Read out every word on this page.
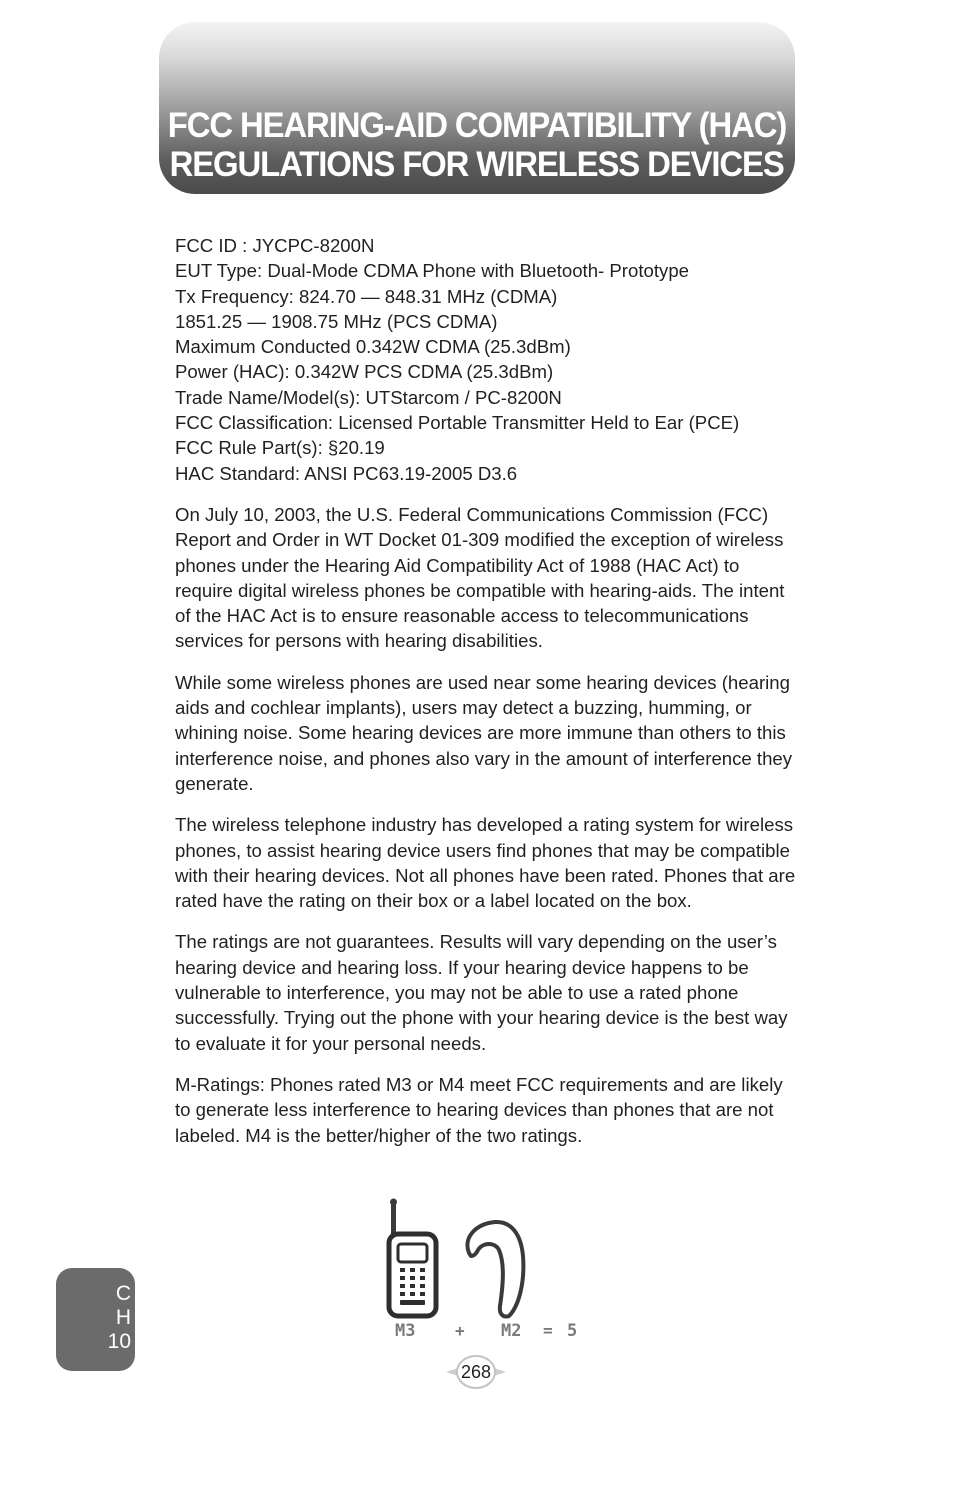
FCC HEARING-AID COMPATIBILITY (HAC)
REGULATIONS FOR WIRELESS DEVICES
FCC ID : JYCPC-8200N
EUT Type: Dual-Mode CDMA Phone with Bluetooth- Prototype
Tx Frequency: 824.70 — 848.31 MHz (CDMA)
1851.25 — 1908.75 MHz (PCS CDMA)
Maximum Conducted 0.342W CDMA (25.3dBm)
Power (HAC): 0.342W PCS CDMA (25.3dBm)
Trade Name/Model(s): UTStarcom / PC-8200N
FCC Classification: Licensed Portable Transmitter Held to Ear (PCE)
FCC Rule Part(s): §20.19
HAC Standard: ANSI PC63.19-2005 D3.6

On July 10, 2003, the U.S. Federal Communications Commission (FCC) Report and Order in WT Docket 01-309 modified the exception of wireless phones under the Hearing Aid Compatibility Act of 1988 (HAC Act) to require digital wireless phones be compatible with hearing-aids. The intent of the HAC Act is to ensure reasonable access to telecommunications services for persons with hearing disabilities.

While some wireless phones are used near some hearing devices (hearing aids and cochlear implants), users may detect a buzzing, humming, or whining noise. Some hearing devices are more immune than others to this interference noise, and phones also vary in the amount of interference they generate.

The wireless telephone industry has developed a rating system for wireless phones, to assist hearing device users find phones that may be compatible with their hearing devices. Not all phones have been rated. Phones that are rated have the rating on their box or a label located on the box.

The ratings are not guarantees. Results will vary depending on the user’s hearing device and hearing loss. If your hearing device happens to be vulnerable to interference, you may not be able to use a rated phone successfully. Trying out the phone with your hearing device is the best way to evaluate it for your personal needs.

M-Ratings: Phones rated M3 or M4 meet FCC requirements and are likely to generate less interference to hearing devices than phones that are not labeled. M4 is the better/higher of the two ratings.

M3 + M2 = 5
268
C
H
10
